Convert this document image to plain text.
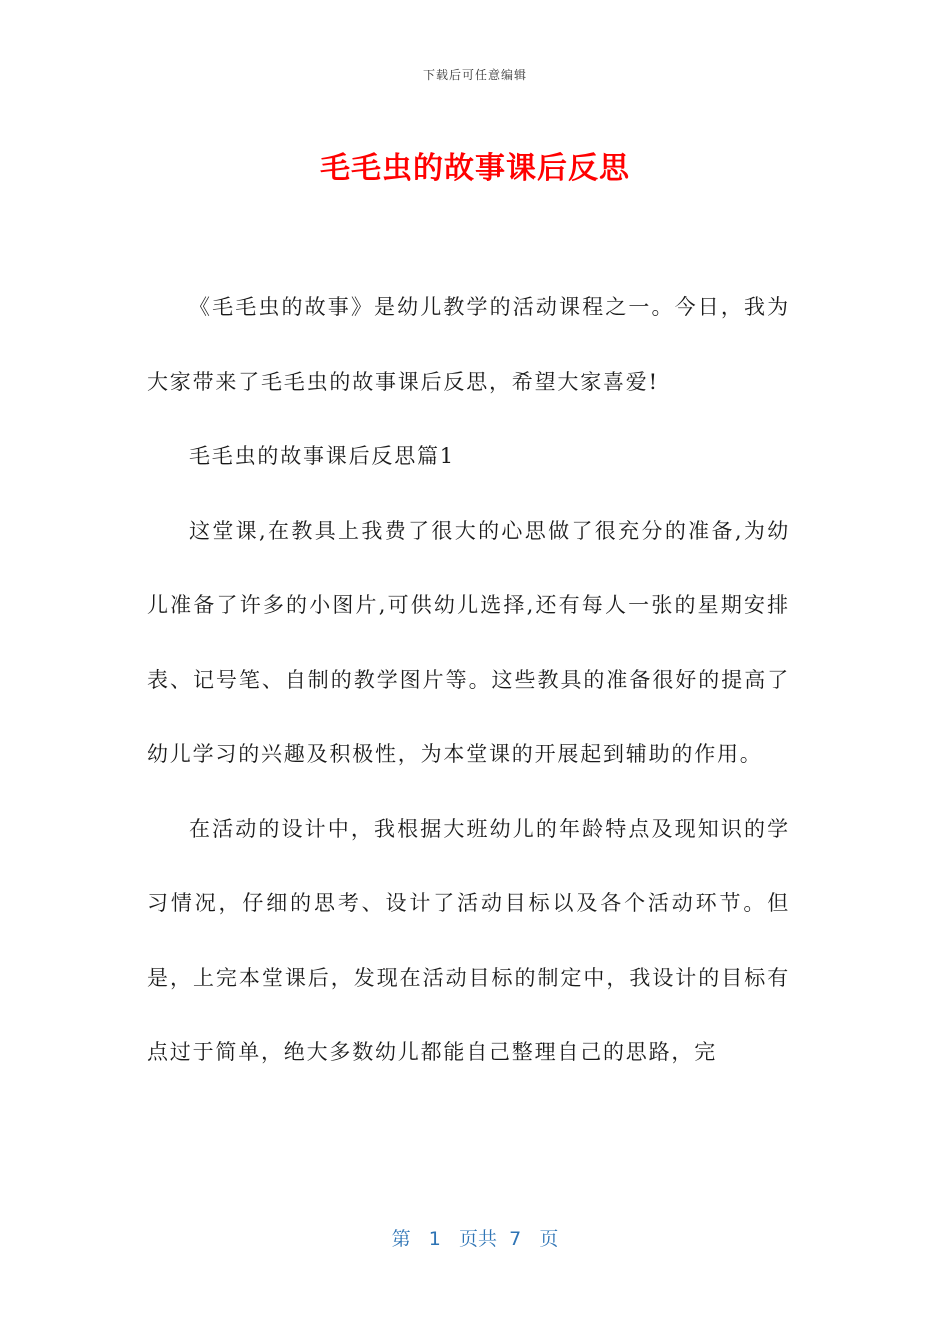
下载后可任意编辑
毛毛虫的故事课后反思

《毛毛虫的故事》是幼儿教学的活动课程之一。今日，我为大家带来了毛毛虫的故事课后反思，希望大家喜爱!

毛毛虫的故事课后反思篇1

这堂课,在教具上我费了很大的心思做了很充分的准备,为幼儿准备了许多的小图片,可供幼儿选择,还有每人一张的星期安排表、记号笔、自制的教学图片等。这些教具的准备很好的提高了幼儿学习的兴趣及积极性，为本堂课的开展起到辅助的作用。

在活动的设计中，我根据大班幼儿的年龄特点及现知识的学习情况，仔细的思考、设计了活动目标以及各个活动环节。但是，上完本堂课后，发现在活动目标的制定中，我设计的目标有点过于简单，绝大多数幼儿都能自己整理自己的思路，完

第 1 页共 7 页
